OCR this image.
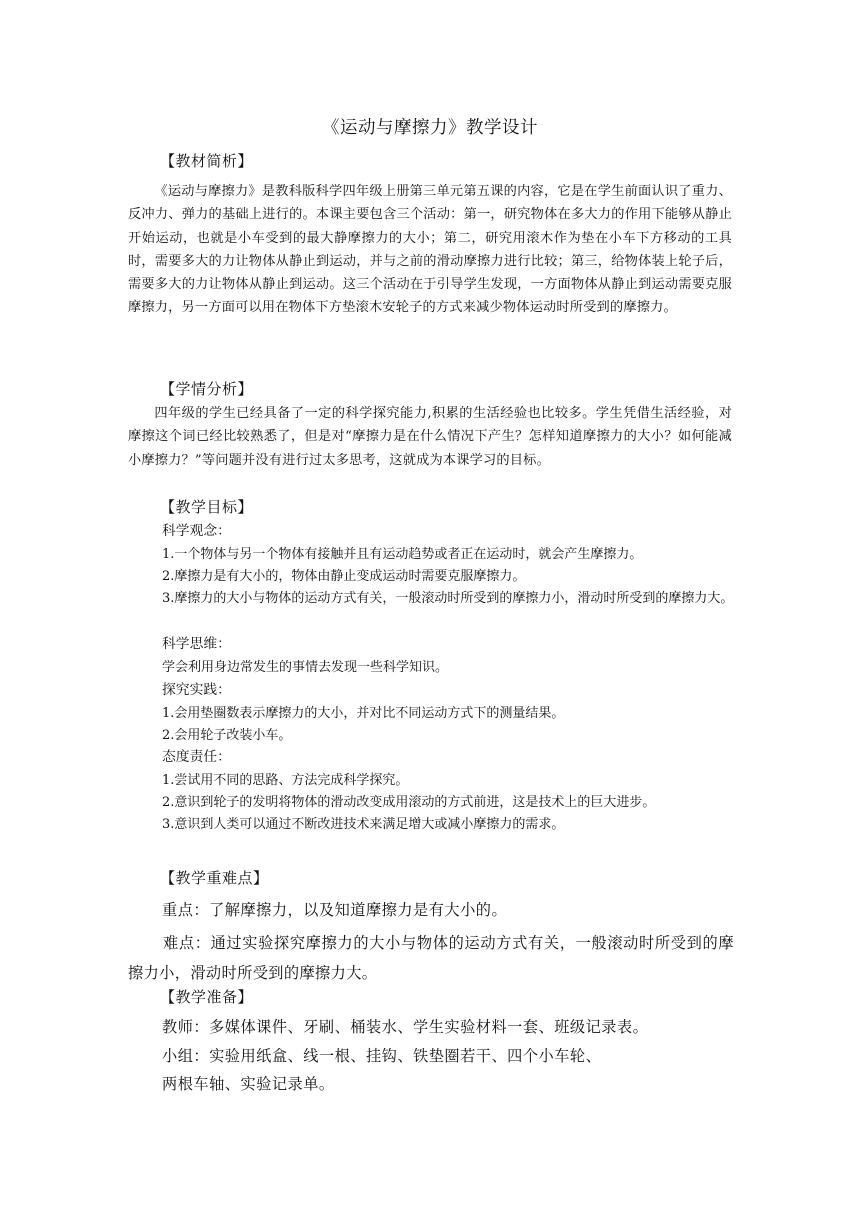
《运动与摩擦力》教学设计
【教材简析】

《运动与摩擦力》是教科版科学四年级上册第三单元第五课的内容，它是在学生前面认识了重力、反冲力、弹力的基础上进行的。本课主要包含三个活动：第一，研究物体在多大力的作用下能够从静止开始运动，也就是小车受到的最大静摩擦力的大小；第二，研究用滚木作为垫在小车下方移动的工具时，需要多大的力让物体从静止到运动，并与之前的滑动摩擦力进行比较；第三，给物体装上轮子后，需要多大的力让物体从静止到运动。这三个活动在于引导学生发现，一方面物体从静止到运动需要克服摩擦力，另一方面可以用在物体下方垫滚木安轮子的方式来减少物体运动时所受到的摩擦力。

【学情分析】

四年级的学生已经具备了一定的科学探究能力,积累的生活经验也比较多。学生凭借生活经验，对摩擦这个词已经比较熟悉了，但是对“摩擦力是在什么情况下产生？怎样知道摩擦力的大小？如何能减小摩擦力？”等问题并没有进行过太多思考，这就成为本课学习的目标。

【教学目标】
科学观念：

1.一个物体与另一个物体有接触并且有运动趋势或者正在运动时，就会产生摩擦力。

2.摩擦力是有大小的，物体由静止变成运动时需要克服摩擦力。

3.摩擦力的大小与物体的运动方式有关，一般滚动时所受到的摩擦力小，滑动时所受到的摩擦力大。

科学思维：
学会利用身边常发生的事情去发现一些科学知识。
探究实践：

1.会用垫圈数表示摩擦力的大小，并对比不同运动方式下的测量结果。

2.会用轮子改装小车。

态度责任：

1.尝试用不同的思路、方法完成科学探究。

2.意识到轮子的发明将物体的滑动改变成用滚动的方式前进，这是技术上的巨大进步。

3.意识到人类可以通过不断改进技术来满足增大或减小摩擦力的需求。

【教学重难点】

重点：了解摩擦力，以及知道摩擦力是有大小的。

难点：通过实验探究摩擦力的大小与物体的运动方式有关，一般滚动时所受到的摩擦力小，滑动时所受到的摩擦力大。

【教学准备】

教师：多媒体课件、牙刷、桶装水、学生实验材料一套、班级记录表。

小组：实验用纸盒、线一根、挂钩、铁垫圈若干、四个小车轮、

两根车轴、实验记录单。
